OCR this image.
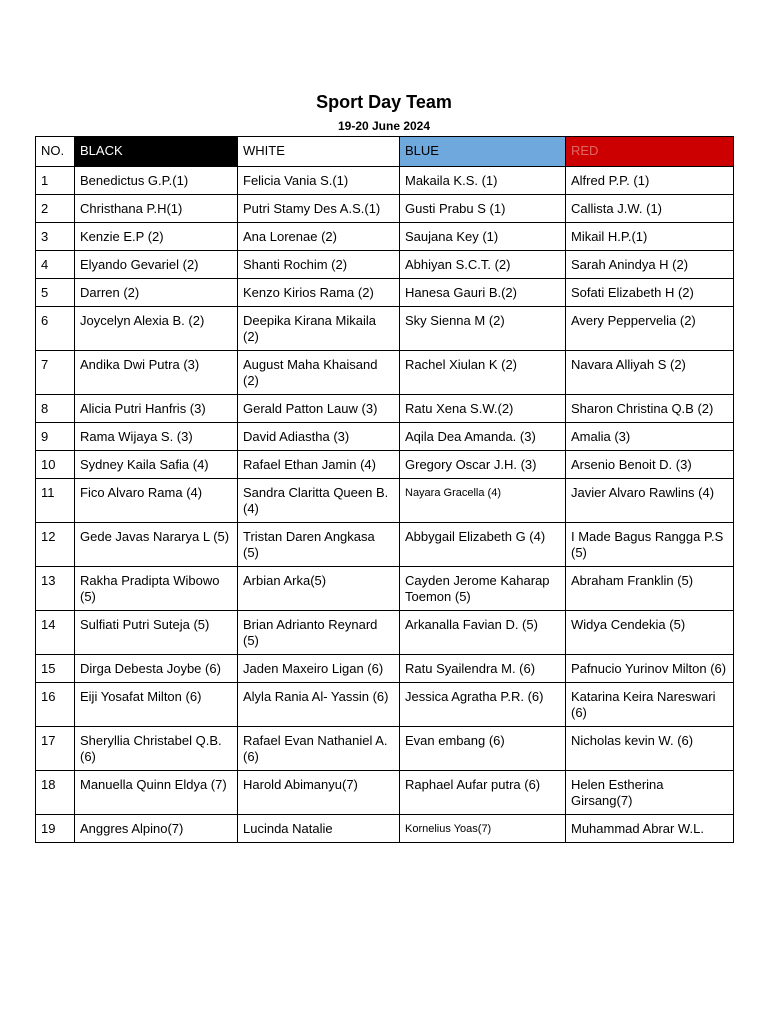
Sport Day Team
19-20 June 2024
NO.	BLACK	WHITE	BLUE	RED
1	Benedictus G.P.(1)	Felicia Vania S.(1)	Makaila K.S. (1)	Alfred P.P. (1)
2	Christhana P.H(1)	Putri Stamy Des A.S.(1)	Gusti Prabu S (1)	Callista J.W. (1)
3	Kenzie E.P (2)	Ana Lorenae (2)	Saujana Key (1)	Mikail H.P.(1)
4	Elyando Gevariel (2)	Shanti Rochim (2)	Abhiyan S.C.T. (2)	Sarah Anindya H (2)
5	Darren (2)	Kenzo Kirios Rama (2)	Hanesa Gauri B.(2)	Sofati Elizabeth H (2)
6	Joycelyn Alexia B. (2)	Deepika Kirana Mikaila (2)	Sky Sienna M (2)	Avery Peppervelia (2)
7	Andika Dwi Putra (3)	August Maha Khaisand (2)	Rachel Xiulan K (2)	Navara Alliyah S (2)
8	Alicia Putri Hanfris (3)	Gerald Patton Lauw (3)	Ratu Xena S.W.(2)	Sharon Christina Q.B (2)
9	Rama Wijaya S. (3)	David Adiastha (3)	Aqila Dea Amanda. (3)	Amalia (3)
10	Sydney Kaila Safia (4)	Rafael Ethan Jamin (4)	Gregory Oscar J.H. (3)	Arsenio Benoit D. (3)
11	Fico Alvaro Rama (4)	Sandra Claritta Queen B. (4)	Nayara Gracella (4)	Javier Alvaro Rawlins (4)
12	Gede Javas Nararya L (5)	Tristan Daren Angkasa (5)	Abbygail Elizabeth G (4)	I Made Bagus Rangga P.S (5)
13	Rakha Pradipta Wibowo (5)	Arbian Arka(5)	Cayden Jerome Kaharap Toemon (5)	Abraham Franklin (5)
14	Sulfiati Putri Suteja (5)	Brian Adrianto Reynard (5)	Arkanalla Favian D. (5)	Widya Cendekia (5)
15	Dirga Debesta Joybe (6)	Jaden Maxeiro Ligan (6)	Ratu Syailendra M. (6)	Pafnucio Yurinov Milton (6)
16	Eiji Yosafat Milton (6)	Alyla Rania Al- Yassin (6)	Jessica Agratha P.R. (6)	Katarina Keira Nareswari (6)
17	Sheryllia Christabel Q.B. (6)	Rafael Evan Nathaniel A. (6)	Evan embang (6)	Nicholas kevin W. (6)
18	Manuella Quinn Eldya (7)	Harold Abimanyu(7)	Raphael Aufar putra (6)	Helen Estherina Girsang(7)
19	Anggres Alpino(7)	Lucinda Natalie	Kornelius Yoas(7)	Muhammad Abrar W.L.
